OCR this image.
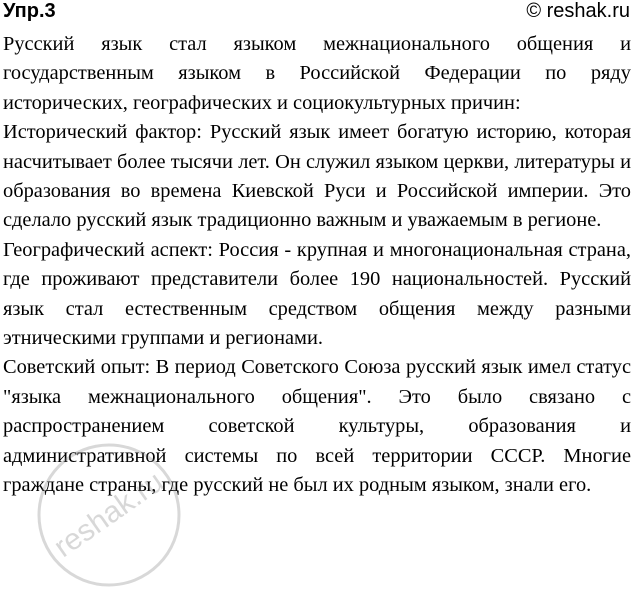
Упр.3	© reshak.ru

Русский язык стал языком межнационального общения и государственным языком в Российской Федерации по ряду исторических, географических и социокультурных причин:

Исторический фактор: Русский язык имеет богатую историю, которая насчитывает более тысячи лет. Он служил языком церкви, литературы и образования во времена Киевской Руси и Российской империи. Это сделало русский язык традиционно важным и уважаемым в регионе.

Географический аспект: Россия - крупная и многонациональная страна, где проживают представители более 190 национальностей. Русский язык стал естественным средством общения между разными этническими группами и регионами.

Советский опыт: В период Советского Союза русский язык имел статус "языка межнационального общения". Это было связано с распространением советской культуры, образования и административной системы по всей территории СССР. Многие граждане страны, где русский не был их родным языком, знали его.

reshak.ru
